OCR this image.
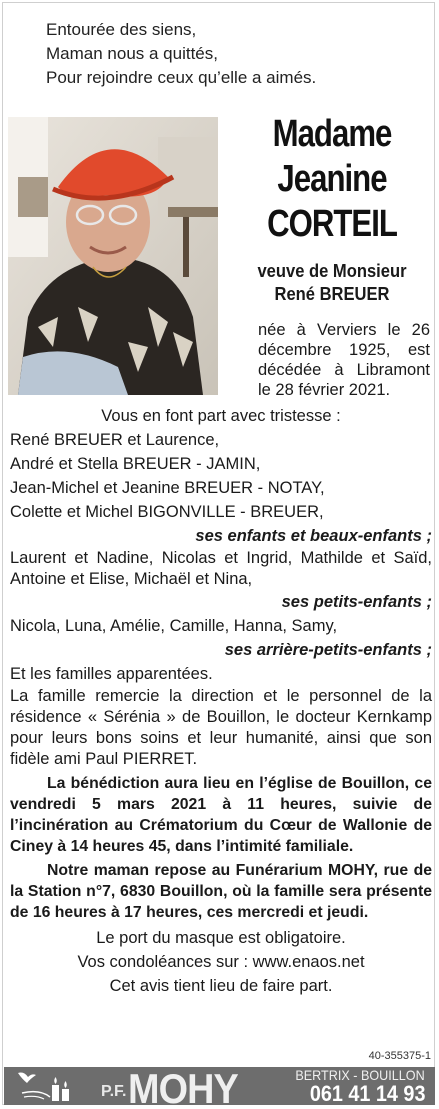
Entourée des siens,
Maman nous a quittés,
Pour rejoindre ceux qu’elle a aimés.
Madame
Jeanine
CORTEIL
veuve de Monsieur
René BREUER
née à Verviers le 26 décembre 1925, est décédée à Libramont le 28 février 2021.
Vous en font part avec tristesse :
René BREUER et Laurence,
André et Stella BREUER - JAMIN,
Jean-Michel et Jeanine BREUER - NOTAY,
Colette et Michel BIGONVILLE - BREUER,
ses enfants et beaux-enfants ;
Laurent et Nadine, Nicolas et Ingrid, Mathilde et Saïd, Antoine et Elise, Michaël et Nina,
ses petits-enfants ;
Nicola, Luna, Amélie, Camille, Hanna, Samy,
ses arrière-petits-enfants ;
Et les familles apparentées.
La famille remercie la direction et le personnel de la résidence « Sérénia » de Bouillon, le docteur Kernkamp pour leurs bons soins et leur humanité, ainsi que son fidèle ami Paul PIERRET.
La bénédiction aura lieu en l’église de Bouillon, ce vendredi 5 mars 2021 à 11 heures, suivie de l’incinération au Crématorium du Cœur de Wallonie de Ciney à 14 heures 45, dans l’intimité familiale.
Notre maman repose au Funérarium MOHY, rue de la Station n°7, 6830 Bouillon, où la famille sera présente de 16 heures à 17 heures, ces mercredi et jeudi.
Le port du masque est obligatoire.
Vos condoléances sur : www.enaos.net
Cet avis tient lieu de faire part.
40-355375-1
P.F. MOHY	BERTRIX - BOUILLON
061 41 14 93
